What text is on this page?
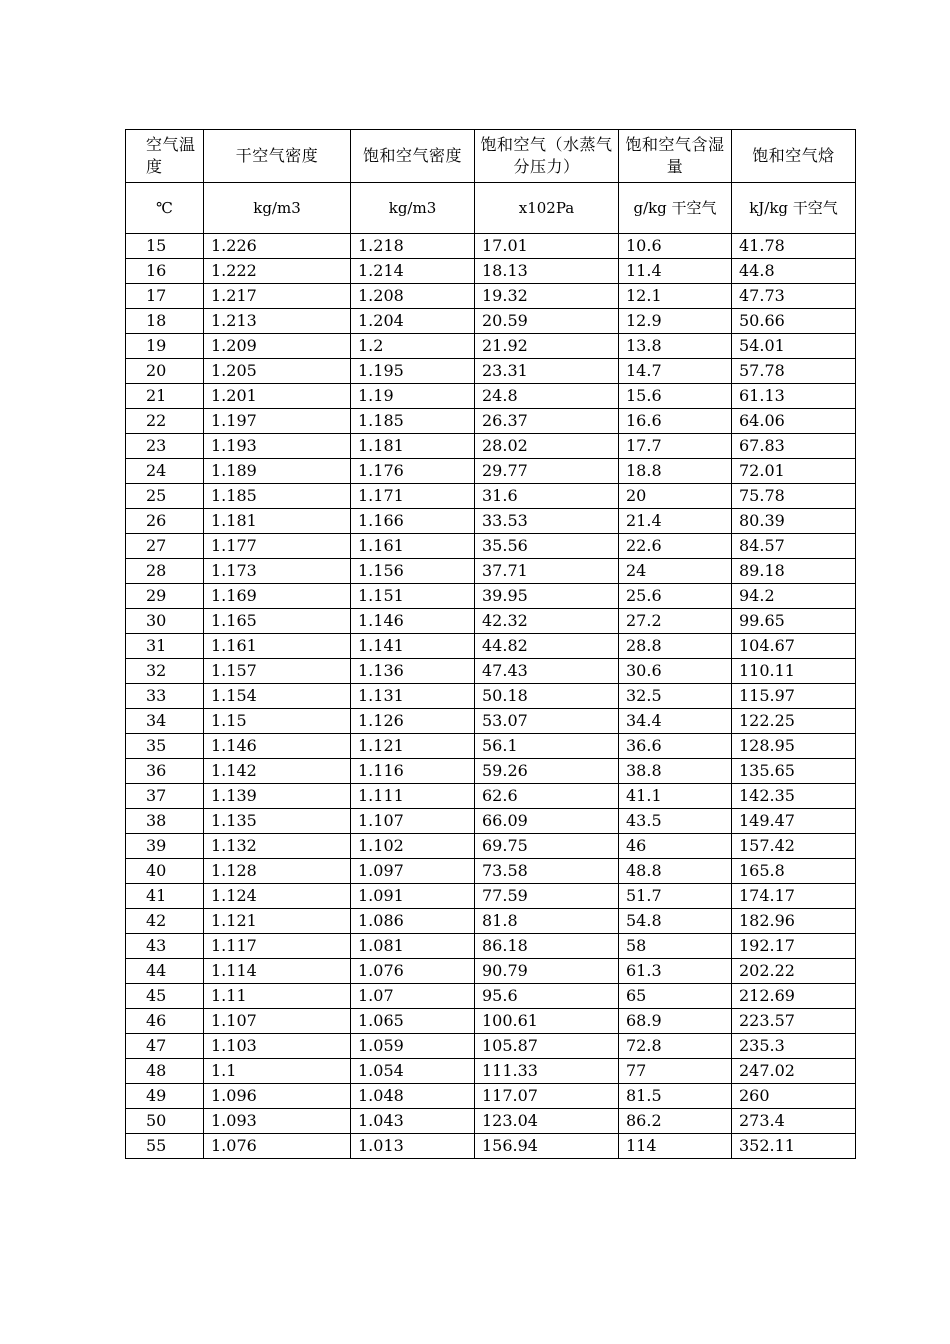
空气温度	干空气密度	饱和空气密度	饱和空气（水蒸气分压力）	饱和空气含湿量	饱和空气焓
℃	kg/m3	kg/m3	x102Pa	g/kg 干空气	kJ/kg 干空气
15	1.226	1.218	17.01	10.6	41.78
16	1.222	1.214	18.13	11.4	44.8
17	1.217	1.208	19.32	12.1	47.73
18	1.213	1.204	20.59	12.9	50.66
19	1.209	1.2	21.92	13.8	54.01
20	1.205	1.195	23.31	14.7	57.78
21	1.201	1.19	24.8	15.6	61.13
22	1.197	1.185	26.37	16.6	64.06
23	1.193	1.181	28.02	17.7	67.83
24	1.189	1.176	29.77	18.8	72.01
25	1.185	1.171	31.6	20	75.78
26	1.181	1.166	33.53	21.4	80.39
27	1.177	1.161	35.56	22.6	84.57
28	1.173	1.156	37.71	24	89.18
29	1.169	1.151	39.95	25.6	94.2
30	1.165	1.146	42.32	27.2	99.65
31	1.161	1.141	44.82	28.8	104.67
32	1.157	1.136	47.43	30.6	110.11
33	1.154	1.131	50.18	32.5	115.97
34	1.15	1.126	53.07	34.4	122.25
35	1.146	1.121	56.1	36.6	128.95
36	1.142	1.116	59.26	38.8	135.65
37	1.139	1.111	62.6	41.1	142.35
38	1.135	1.107	66.09	43.5	149.47
39	1.132	1.102	69.75	46	157.42
40	1.128	1.097	73.58	48.8	165.8
41	1.124	1.091	77.59	51.7	174.17
42	1.121	1.086	81.8	54.8	182.96
43	1.117	1.081	86.18	58	192.17
44	1.114	1.076	90.79	61.3	202.22
45	1.11	1.07	95.6	65	212.69
46	1.107	1.065	100.61	68.9	223.57
47	1.103	1.059	105.87	72.8	235.3
48	1.1	1.054	111.33	77	247.02
49	1.096	1.048	117.07	81.5	260
50	1.093	1.043	123.04	86.2	273.4
55	1.076	1.013	156.94	114	352.11
